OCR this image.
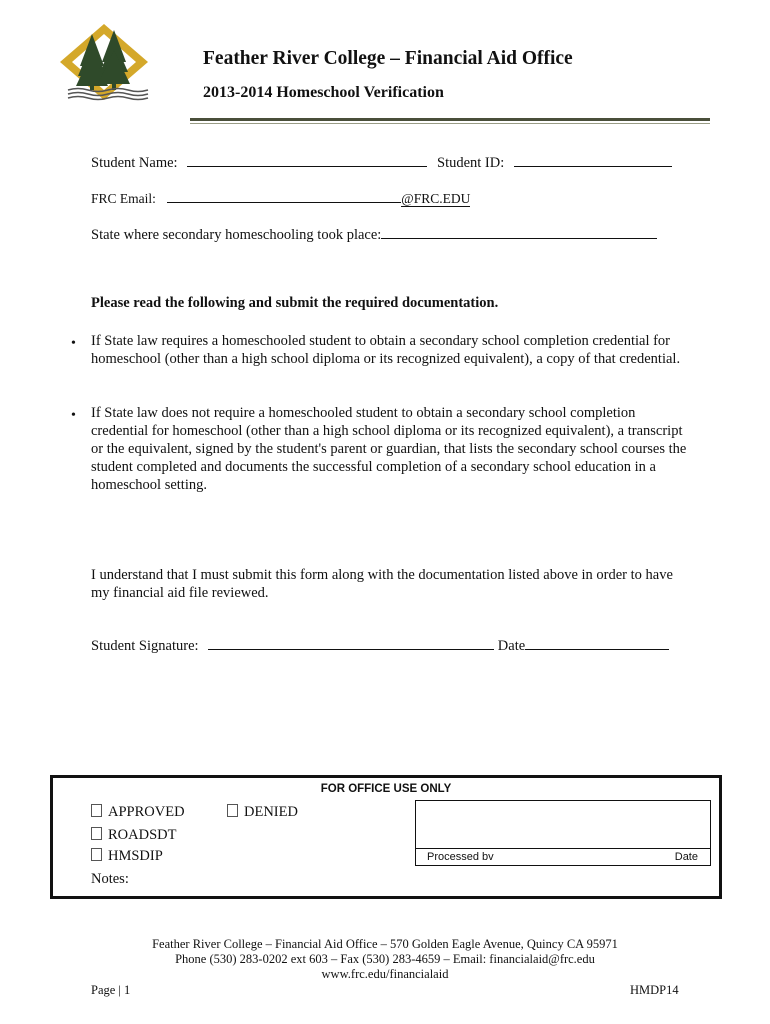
Feather River College – Financial Aid Office
2013-2014 Homeschool Verification
Student Name:	Student ID:
FRC Email:	@FRC.EDU
State where secondary homeschooling took place:
Please read the following and submit the required documentation.
• If State law requires a homeschooled student to obtain a secondary school completion credential for homeschool (other than a high school diploma or its recognized equivalent), a copy of that credential.
• If State law does not require a homeschooled student to obtain a secondary school completion credential for homeschool (other than a high school diploma or its recognized equivalent), a transcript or the equivalent, signed by the student's parent or guardian, that lists the secondary school courses the student completed and documents the successful completion of a secondary school education in a homeschool setting.
I understand that I must submit this form along with the documentation listed above in order to have my financial aid file reviewed.
Student Signature:	Date
FOR OFFICE USE ONLY
APPROVED	DENIED
ROADSDT
HMSDIP
Notes:
Processed bv	Date
Feather River College – Financial Aid Office – 570 Golden Eagle Avenue, Quincy CA 95971
Phone (530) 283-0202 ext 603 – Fax (530) 283-4659 – Email: financialaid@frc.edu
www.frc.edu/financialaid
Page | 1	HMDP14
